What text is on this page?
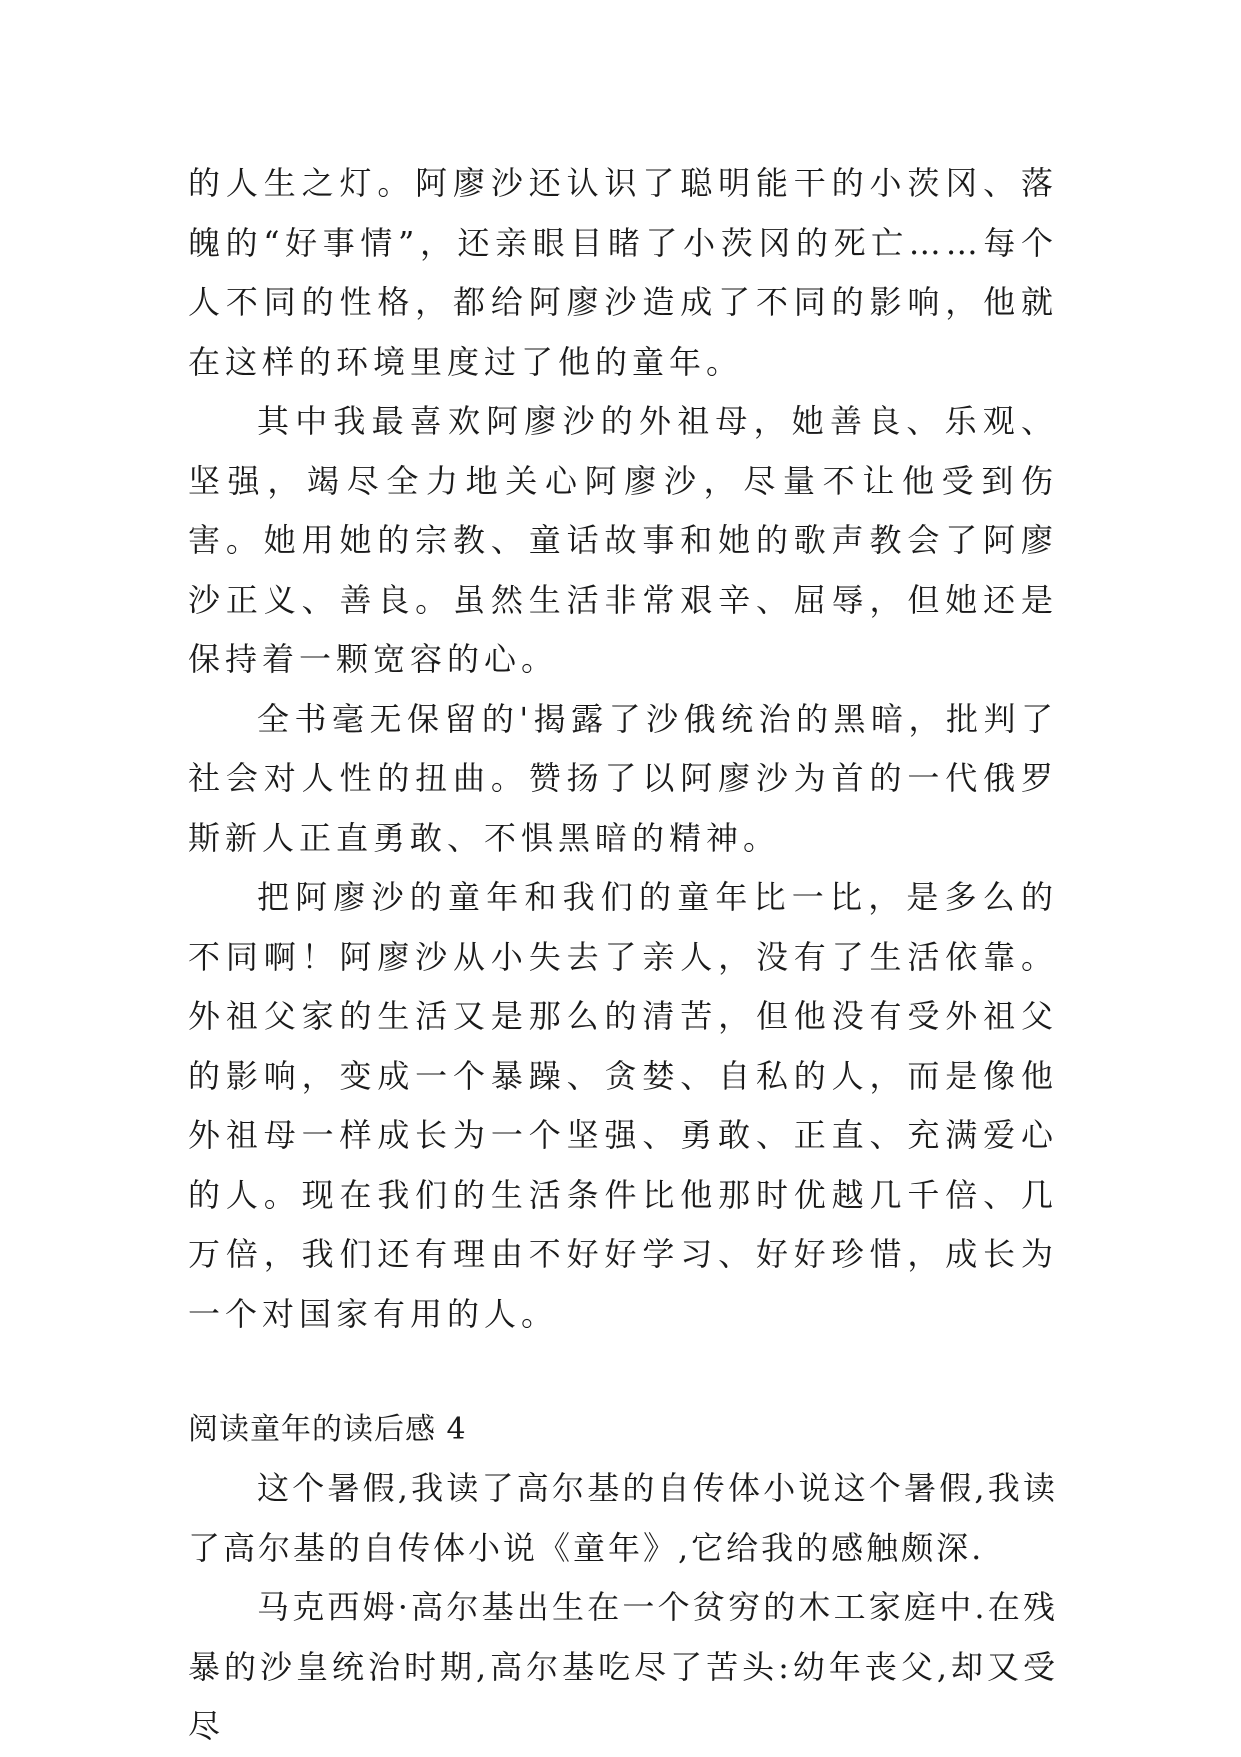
的人生之灯。阿廖沙还认识了聪明能干的小茨冈、落魄的“好事情”，还亲眼目睹了小茨冈的死亡……每个人不同的性格，都给阿廖沙造成了不同的影响，他就在这样的环境里度过了他的童年。

其中我最喜欢阿廖沙的外祖母，她善良、乐观、坚强，竭尽全力地关心阿廖沙，尽量不让他受到伤害。她用她的宗教、童话故事和她的歌声教会了阿廖沙正义、善良。虽然生活非常艰辛、屈辱，但她还是保持着一颗宽容的心。

全书毫无保留的'揭露了沙俄统治的黑暗，批判了社会对人性的扭曲。赞扬了以阿廖沙为首的一代俄罗斯新人正直勇敢、不惧黑暗的精神。

把阿廖沙的童年和我们的童年比一比，是多么的不同啊！阿廖沙从小失去了亲人，没有了生活依靠。外祖父家的生活又是那么的清苦，但他没有受外祖父的影响，变成一个暴躁、贪婪、自私的人，而是像他外祖母一样成长为一个坚强、勇敢、正直、充满爱心的人。现在我们的生活条件比他那时优越几千倍、几万倍，我们还有理由不好好学习、好好珍惜，成长为一个对国家有用的人。

阅读童年的读后感 4

这个暑假,我读了高尔基的自传体小说这个暑假,我读了高尔基的自传体小说《童年》,它给我的感触颇深.

马克西姆·高尔基出生在一个贫穷的木工家庭中.在残暴的沙皇统治时期,高尔基吃尽了苦头:幼年丧父,却又受尽
